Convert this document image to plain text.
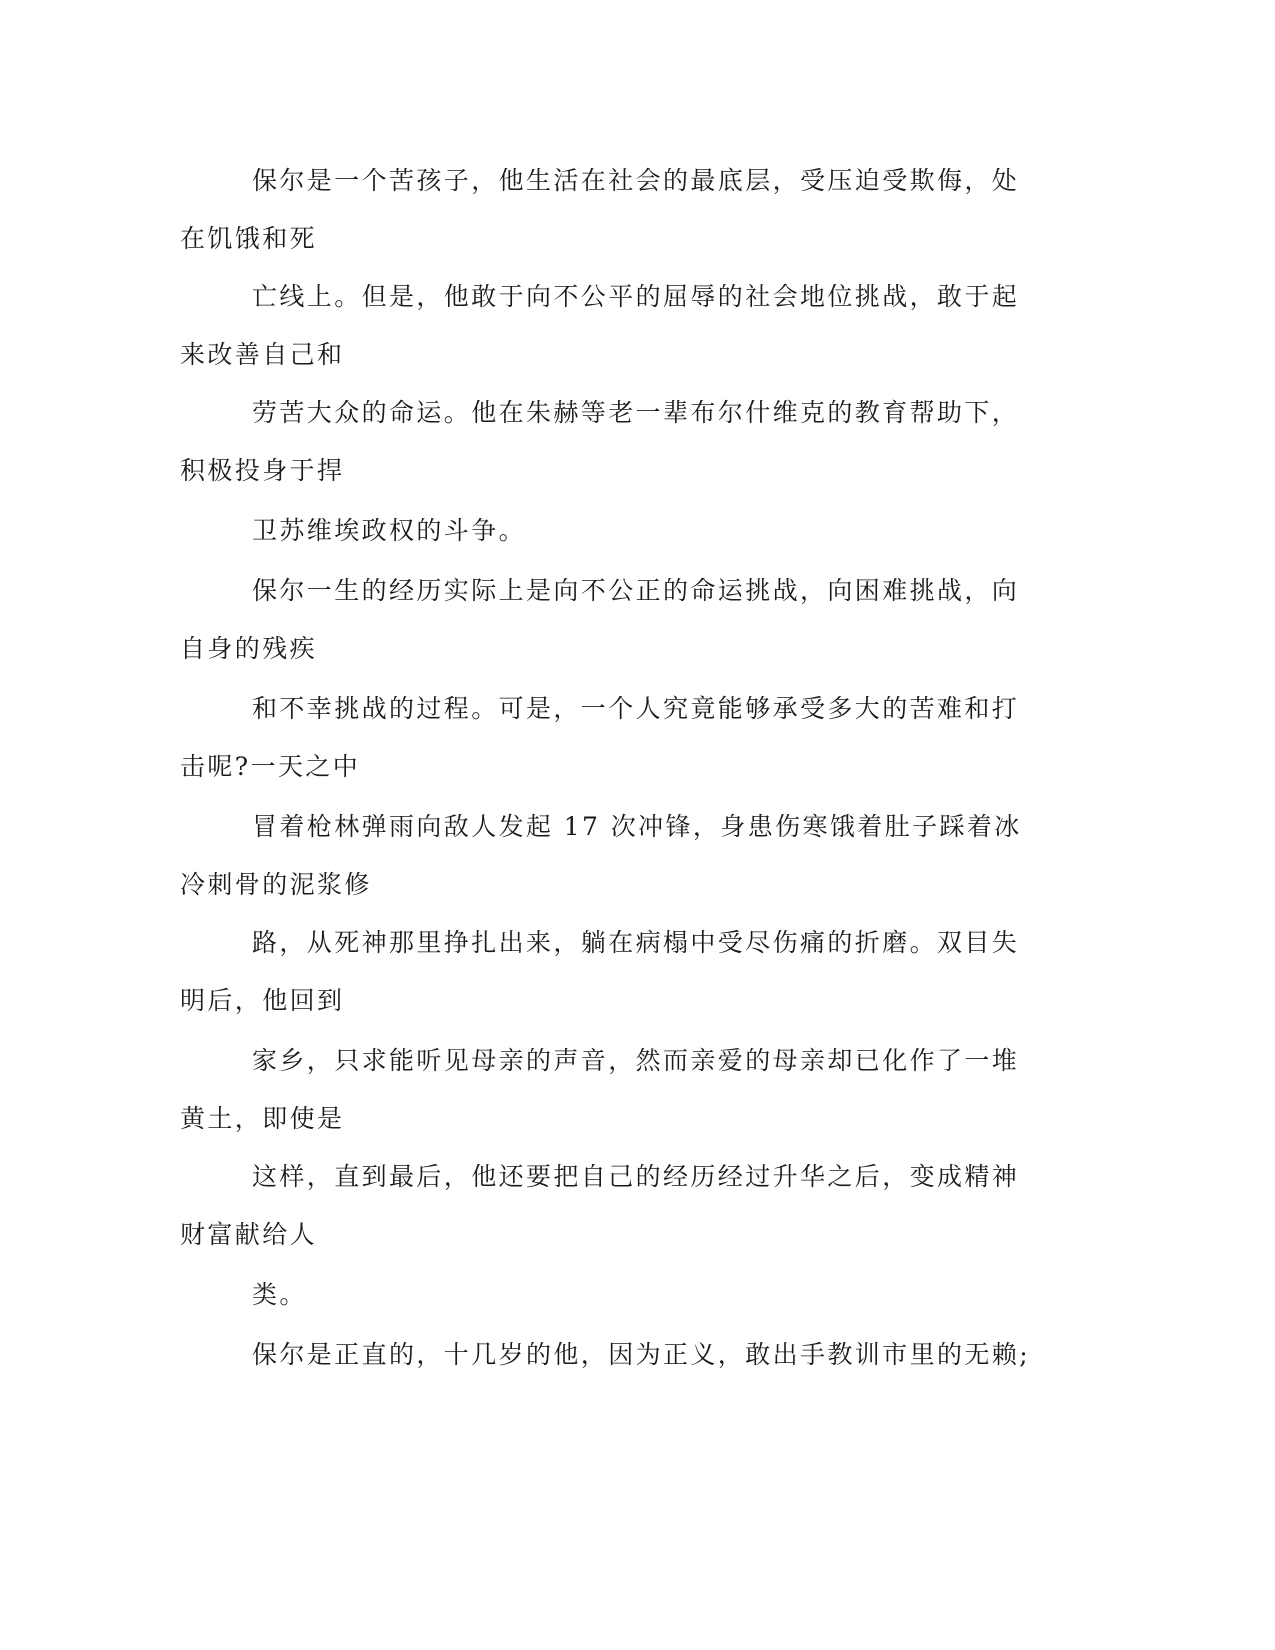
保尔是一个苦孩子，他生活在社会的最底层，受压迫受欺侮，处
在饥饿和死
亡线上。但是，他敢于向不公平的屈辱的社会地位挑战，敢于起
来改善自己和
劳苦大众的命运。他在朱赫等老一辈布尔什维克的教育帮助下，
积极投身于捍
卫苏维埃政权的斗争。
保尔一生的经历实际上是向不公正的命运挑战，向困难挑战，向
自身的残疾
和不幸挑战的过程。可是，一个人究竟能够承受多大的苦难和打
击呢?一天之中
冒着枪林弹雨向敌人发起 17 次冲锋，身患伤寒饿着肚子踩着冰
冷刺骨的泥浆修
路，从死神那里挣扎出来，躺在病榻中受尽伤痛的折磨。双目失
明后，他回到
家乡，只求能听见母亲的声音，然而亲爱的母亲却已化作了一堆
黄土，即使是
这样，直到最后，他还要把自己的经历经过升华之后，变成精神
财富献给人
类。
保尔是正直的，十几岁的他，因为正义，敢出手教训市里的无赖;
